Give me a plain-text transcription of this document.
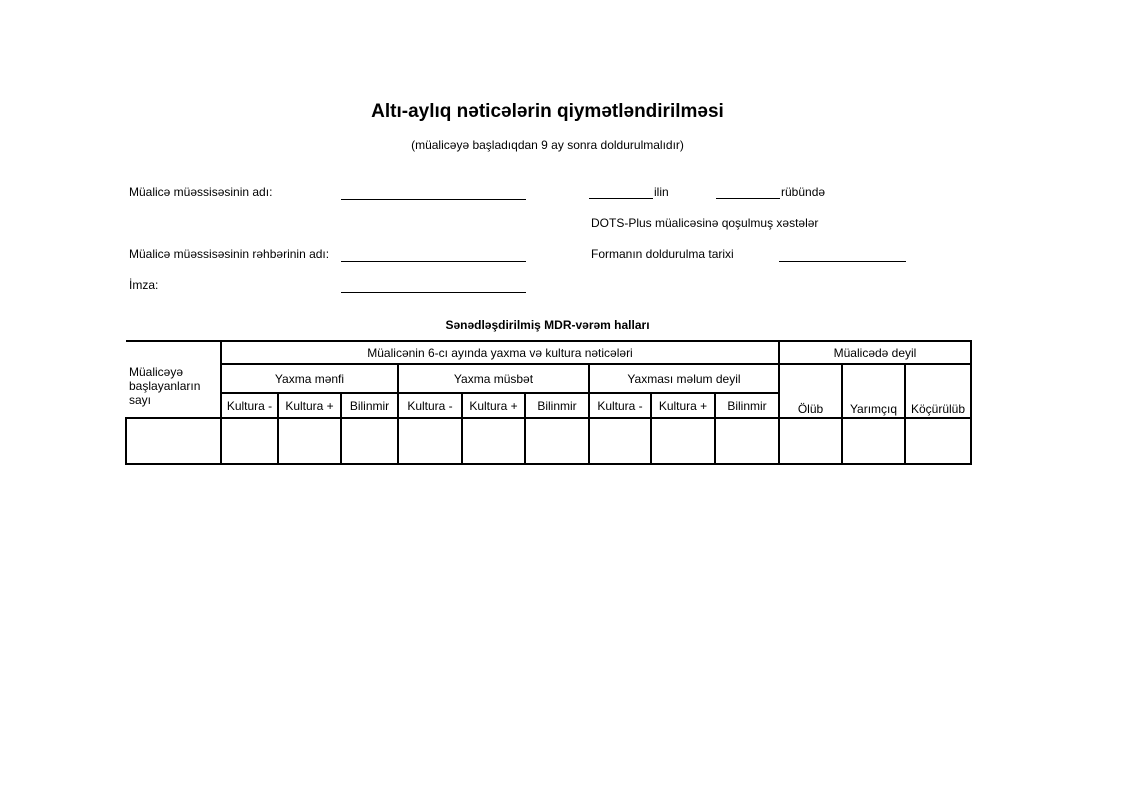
Altı-aylıq nəticələrin qiymətləndirilməsi
(müalicəyə başladıqdan 9 ay sonra doldurulmalıdır)
Müalicə müəssisəsinin adı:	ilin	rübündə
DOTS-Plus müalicəsinə qoşulmuş xəstələr
Müalicə müəssisəsinin rəhbərinin adı:	Formanın doldurulma tarixi
İmza:
Sənədləşdirilmiş MDR-vərəm halları
Müalicəyə başlayanların sayı	Müalicənin 6-cı ayında yaxma və kultura nəticələri									Müalicədə deyil		
	Yaxma mənfi			Yaxma müsbət			Yaxması məlum deyil			Ölüb	Yarımçıq	Köçürülüb
	Kultura -	Kultura +	Bilinmir	Kultura -	Kultura +	Bilinmir	Kultura -	Kultura +	Bilinmir			
